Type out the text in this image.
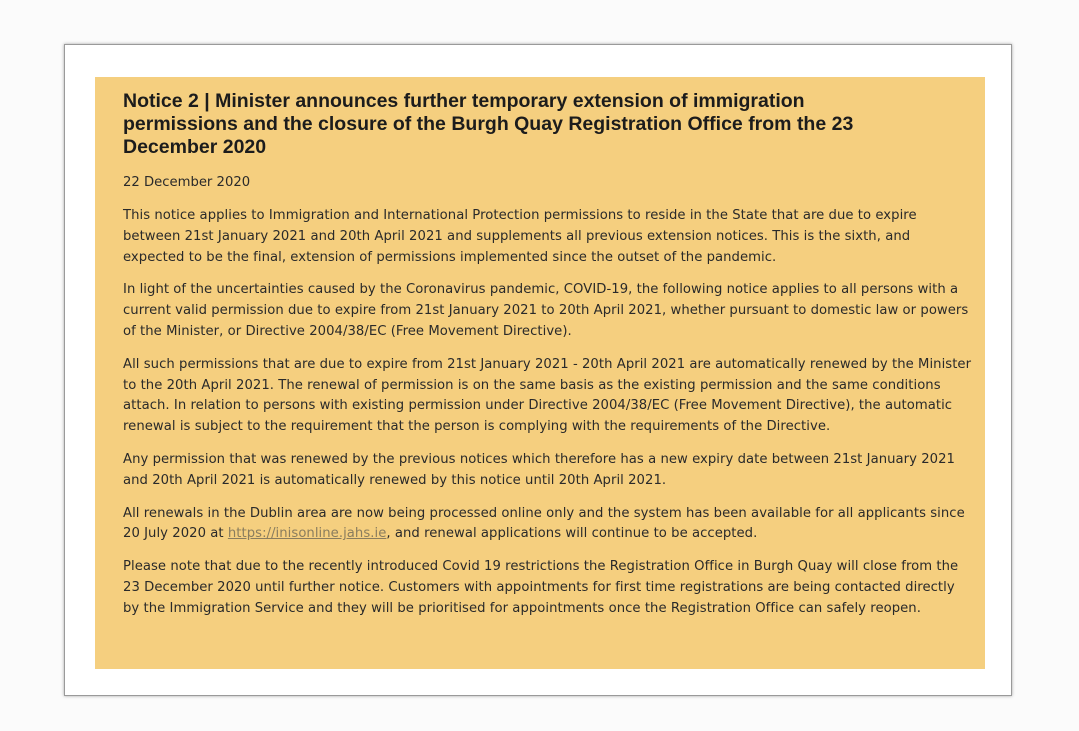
Notice 2 | Minister announces further temporary extension of immigration permissions and the closure of the Burgh Quay Registration Office from the 23 December 2020

22 December 2020

This notice applies to Immigration and International Protection permissions to reside in the State that are due to expire between 21st January 2021 and 20th April 2021 and supplements all previous extension notices. This is the sixth, and expected to be the final, extension of permissions implemented since the outset of the pandemic.

In light of the uncertainties caused by the Coronavirus pandemic, COVID-19, the following notice applies to all persons with a current valid permission due to expire from 21st January 2021 to 20th April 2021, whether pursuant to domestic law or powers of the Minister, or Directive 2004/38/EC (Free Movement Directive).

All such permissions that are due to expire from 21st January 2021 - 20th April 2021 are automatically renewed by the Minister to the 20th April 2021. The renewal of permission is on the same basis as the existing permission and the same conditions attach. In relation to persons with existing permission under Directive 2004/38/EC (Free Movement Directive), the automatic renewal is subject to the requirement that the person is complying with the requirements of the Directive.

Any permission that was renewed by the previous notices which therefore has a new expiry date between 21st January 2021 and 20th April 2021 is automatically renewed by this notice until 20th April 2021.

All renewals in the Dublin area are now being processed online only and the system has been available for all applicants since 20 July 2020 at https://inisonline.jahs.ie, and renewal applications will continue to be accepted.

Please note that due to the recently introduced Covid 19 restrictions the Registration Office in Burgh Quay will close from the 23 December 2020 until further notice. Customers with appointments for first time registrations are being contacted directly by the Immigration Service and they will be prioritised for appointments once the Registration Office can safely reopen.
